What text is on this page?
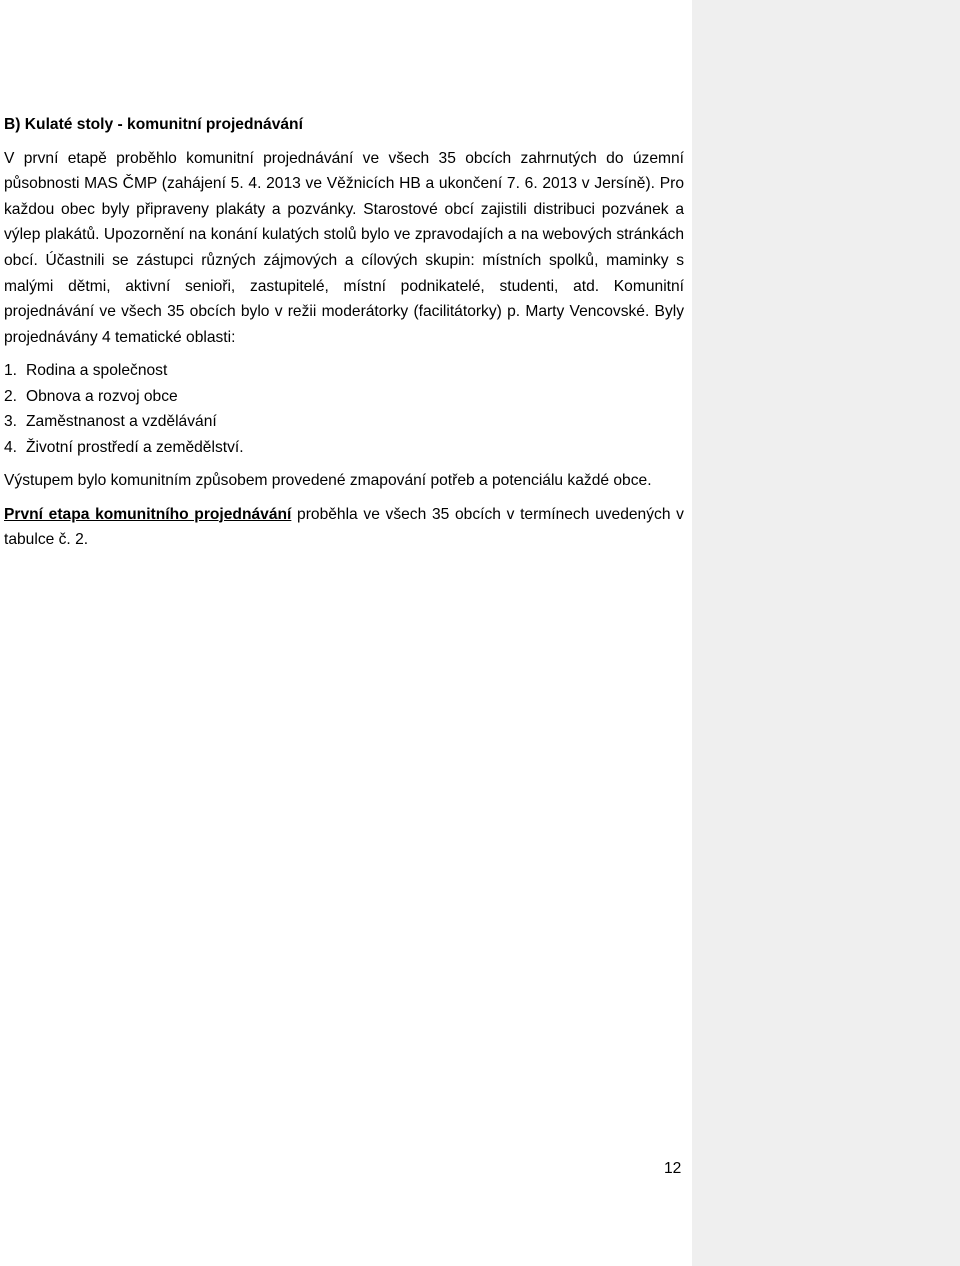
B) Kulaté stoly - komunitní projednávání

V první etapě proběhlo komunitní projednávání ve všech 35 obcích zahrnutých do územní působnosti MAS ČMP (zahájení 5. 4. 2013 ve Věžnicích HB a ukončení 7. 6. 2013 v Jersíně). Pro každou obec byly připraveny plakáty a pozvánky. Starostové obcí zajistili distribuci pozvánek a výlep plakátů. Upozornění na konání kulatých stolů bylo ve zpravodajích a na webových stránkách obcí. Účastnili se zástupci různých zájmových a cílových skupin: místních spolků, maminky s malými dětmi, aktivní senioři, zastupitelé, místní podnikatelé, studenti, atd. Komunitní projednávání ve všech 35 obcích bylo v režii moderátorky (facilitátorky) p. Marty Vencovské. Byly projednávány 4 tematické oblasti:

1. Rodina a společnost
2. Obnova a rozvoj obce
3. Zaměstnanost a vzdělávání
4. Životní prostředí a zemědělství.

Výstupem bylo komunitním způsobem provedené zmapování potřeb a potenciálu každé obce.

První etapa komunitního projednávání proběhla ve všech 35 obcích v termínech uvedených v tabulce č. 2.

12
